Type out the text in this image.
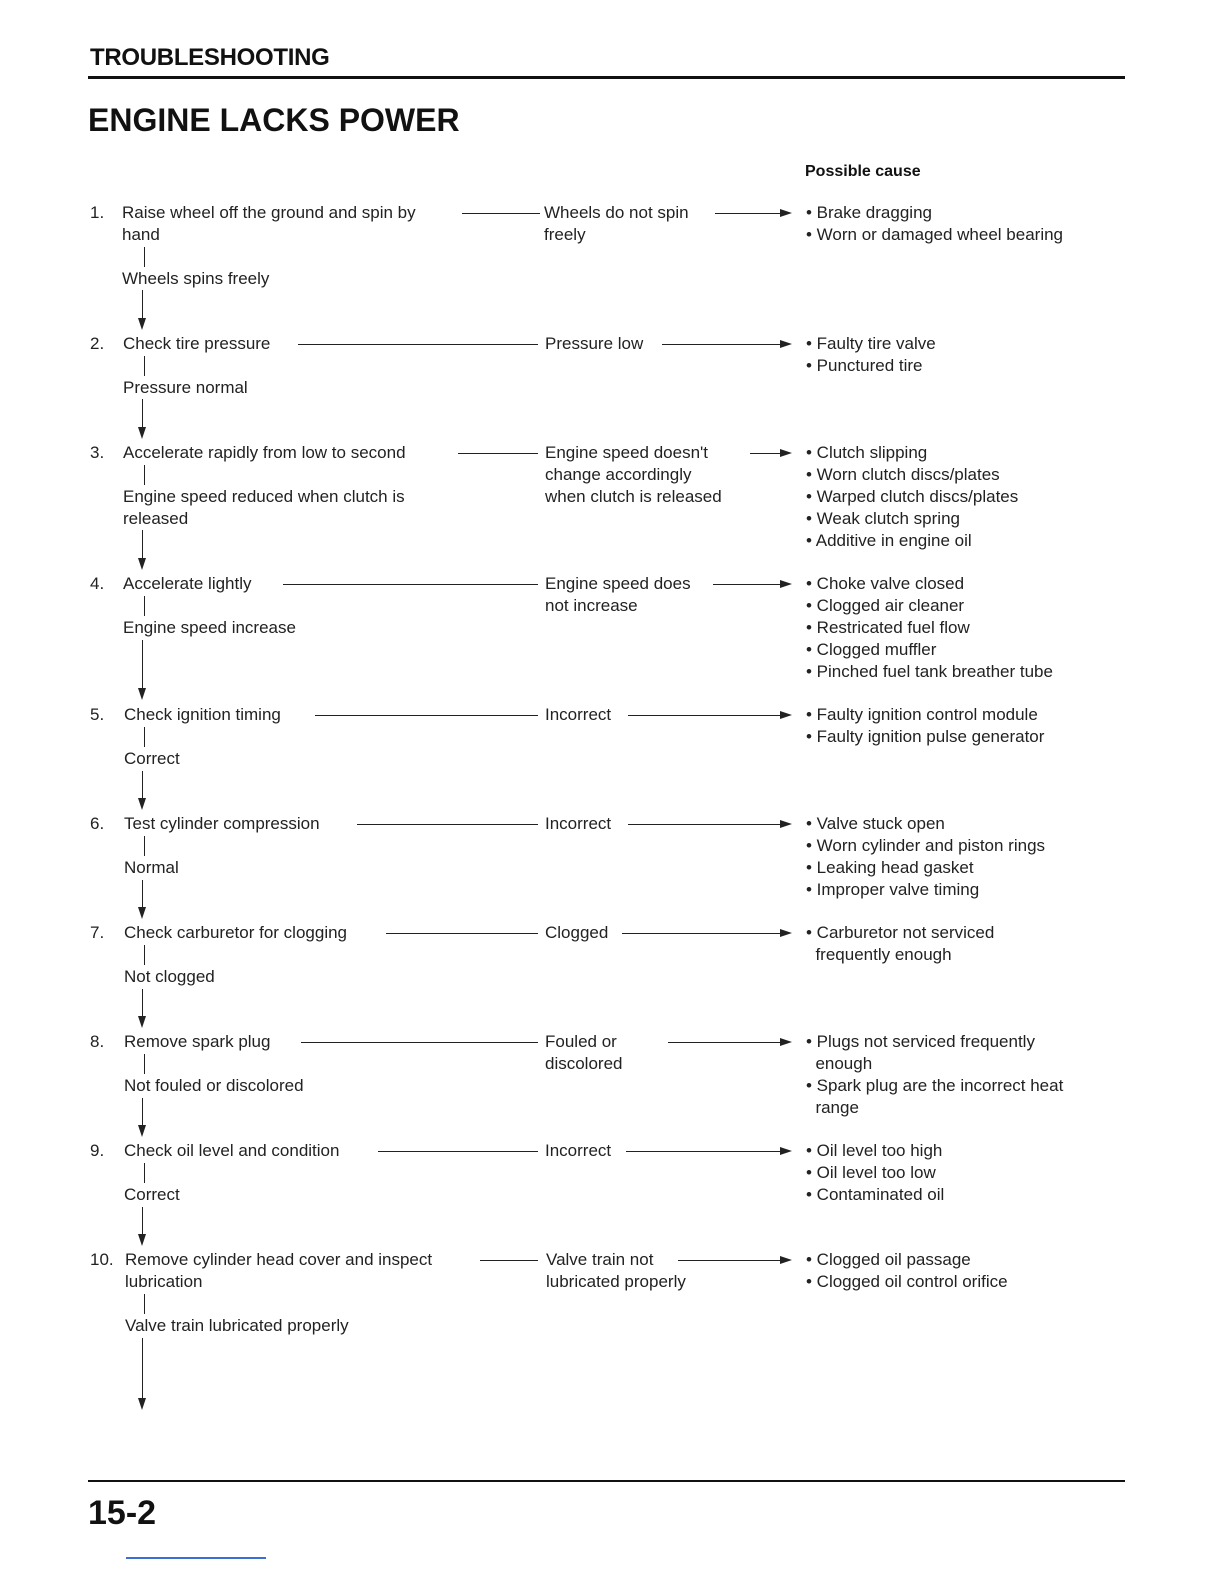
TROUBLESHOOTING
ENGINE LACKS POWER
Possible cause
1. Raise wheel off the ground and spin by
hand
Wheels do not spin
freely
• Brake dragging
• Worn or damaged wheel bearing
Wheels spins freely
2. Check tire pressure	Pressure low	• Faulty tire valve
• Punctured tire
Pressure normal
3. Accelerate rapidly from low to second	Engine speed doesn't
change accordingly
when clutch is released
• Clutch slipping
• Worn clutch discs/plates
• Warped clutch discs/plates
• Weak clutch spring
• Additive in engine oil
Engine speed reduced when clutch is
released
4. Accelerate lightly	Engine speed does
not increase
• Choke valve closed
• Clogged air cleaner
• Restricated fuel flow
• Clogged muffler
• Pinched fuel tank breather tube
Engine speed increase
5. Check ignition timing	Incorrect	• Faulty ignition control module
• Faulty ignition pulse generator
Correct
6. Test cylinder compression	Incorrect	• Valve stuck open
• Worn cylinder and piston rings
• Leaking head gasket
• Improper valve timing
Normal
7. Check carburetor for clogging	Clogged	• Carburetor not serviced
frequently enough
Not clogged
8. Remove spark plug	Fouled or
discolored
• Plugs not serviced frequently
enough
• Spark plug are the incorrect heat
range
Not fouled or discolored
9. Check oil level and condition	Incorrect	• Oil level too high
• Oil level too low
• Contaminated oil
Correct
10. Remove cylinder head cover and inspect
lubrication
Valve train not
lubricated properly
• Clogged oil passage
• Clogged oil control orifice
Valve train lubricated properly
15-2
